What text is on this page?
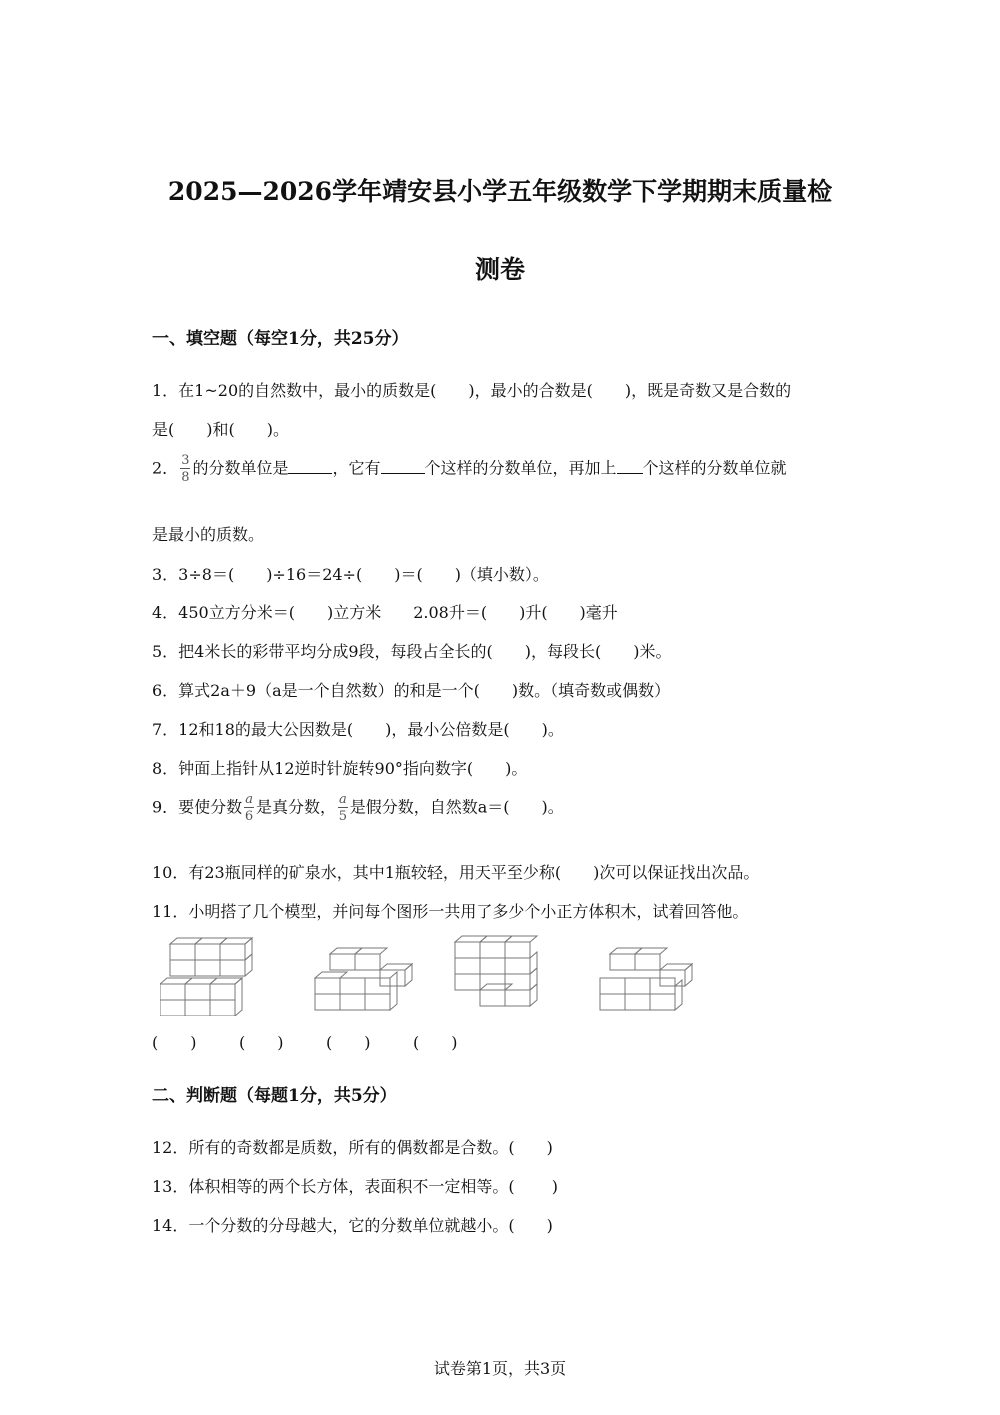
2025—2026学年靖安县小学五年级数学下学期期末质量检
测卷
一、填空题（每空1分，共25分）
1．在1~20的自然数中，最小的质数是(　　)，最小的合数是(　　)，既是奇数又是合数的
是(　　)和(　　)。
2． $\frac{3}{8}$ 的分数单位是	，它有	个这样的分数单位，再加上 个这样的分数单位就
是最小的质数。
3．3÷8＝(　　)÷16＝24÷(　　)＝(　　)（填小数）。
4．450立方分米＝(　　)立方米　　2.08升＝(　　)升(　　)毫升
5．把4米长的彩带平均分成9段，每段占全长的(　　)，每段长(　　)米。
6．算式2a＋9（a是一个自然数）的和是一个(　　)数。（填奇数或偶数）
7．12和18的最大公因数是(　　)，最小公倍数是(　　)。
8．钟面上指针从12逆时针旋转90°指向数字(　　)。
9．要使分数 $\frac{a}{6}$ 是真分数， $\frac{a}{5}$ 是假分数，自然数a＝(　　)。
10．有23瓶同样的矿泉水，其中1瓶较轻，用天平至少称(　　)次可以保证找出次品。
11．小明搭了几个模型，并问每个图形一共用了多少个小正方体积木，试着回答他。
(　　)	(　　)	(　　)	(　　)
二、判断题（每题1分，共5分）
12．所有的奇数都是质数，所有的偶数都是合数。(　　)
13．体积相等的两个长方体，表面积不一定相等。(　　 )
14．一个分数的分母越大，它的分数单位就越小。(　　)
试卷第1页，共3页
